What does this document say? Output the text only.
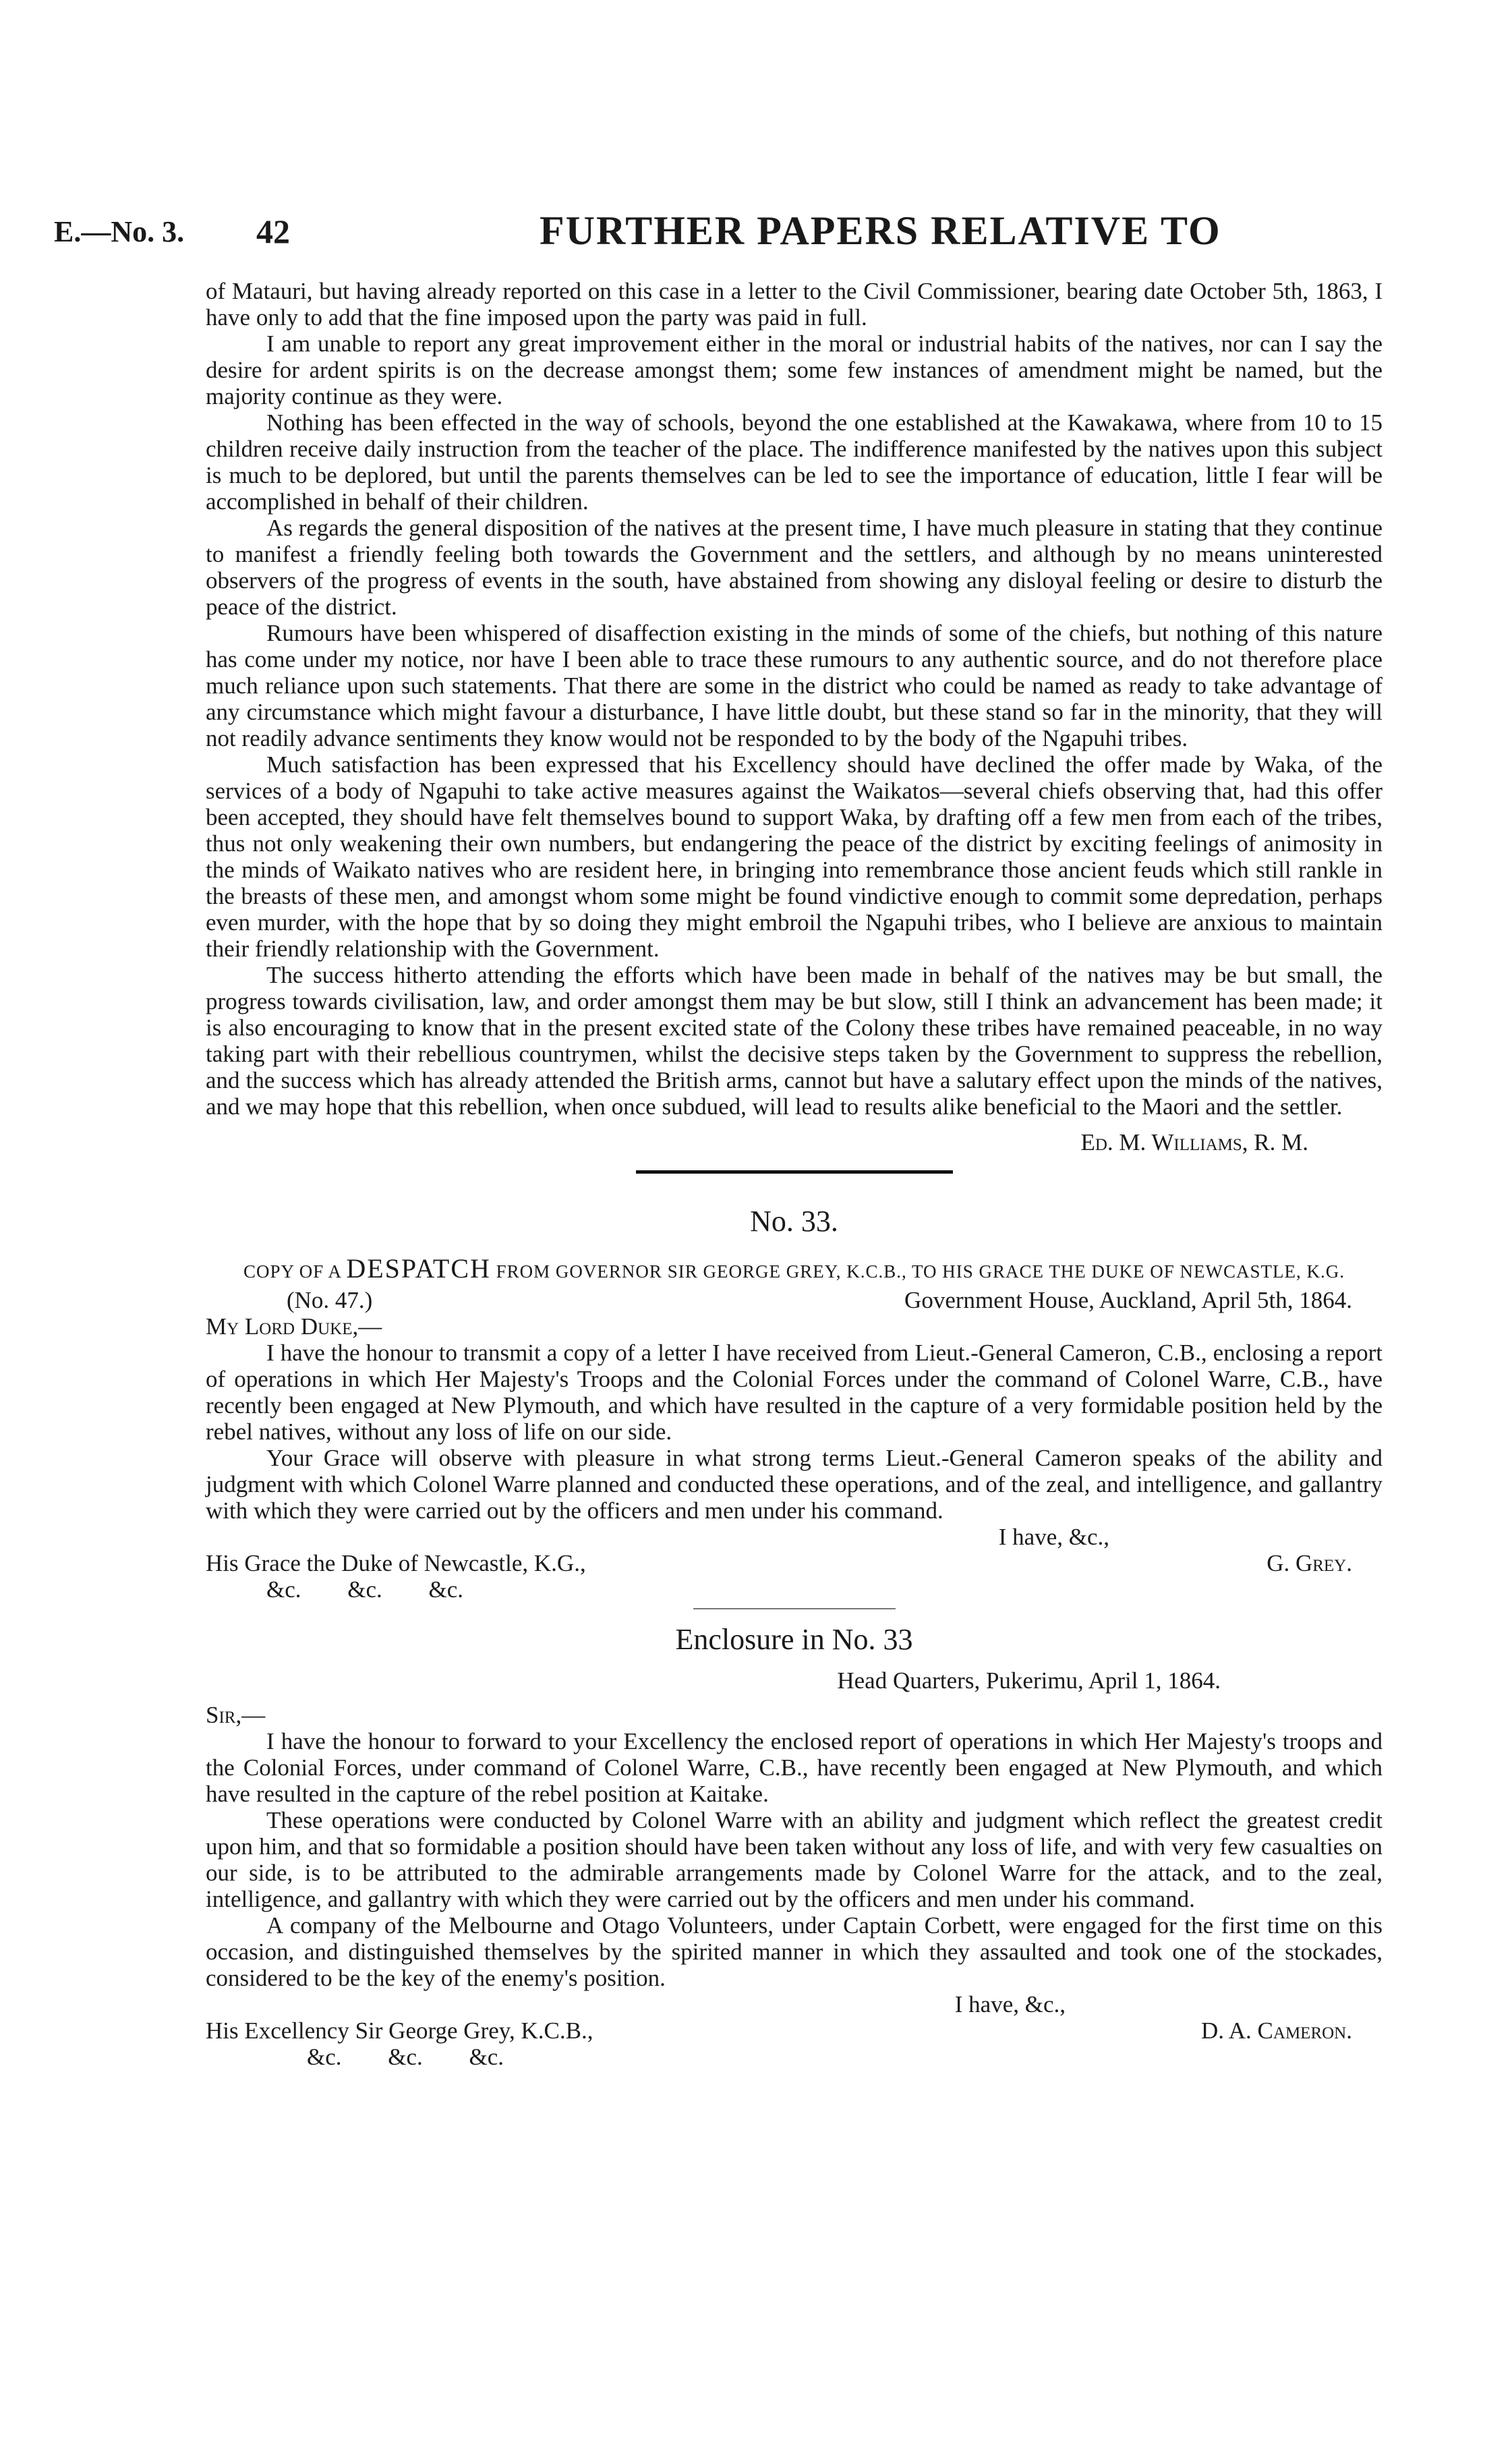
E.—No. 3. 42	FURTHER PAPERS RELATIVE TO

of Matauri, but having already reported on this case in a letter to the Civil Commissioner, bearing date October 5th, 1863, I have only to add that the fine imposed upon the party was paid in full.

I am unable to report any great improvement either in the moral or industrial habits of the natives, nor can I say the desire for ardent spirits is on the decrease amongst them; some few instances of amendment might be named, but the majority continue as they were.

Nothing has been effected in the way of schools, beyond the one established at the Kawakawa, where from 10 to 15 children receive daily instruction from the teacher of the place. The indifference manifested by the natives upon this subject is much to be deplored, but until the parents themselves can be led to see the importance of education, little I fear will be accomplished in behalf of their children.

As regards the general disposition of the natives at the present time, I have much pleasure in stating that they continue to manifest a friendly feeling both towards the Government and the settlers, and although by no means uninterested observers of the progress of events in the south, have abstained from showing any disloyal feeling or desire to disturb the peace of the district.

Rumours have been whispered of disaffection existing in the minds of some of the chiefs, but nothing of this nature has come under my notice, nor have I been able to trace these rumours to any authentic source, and do not therefore place much reliance upon such statements. That there are some in the district who could be named as ready to take advantage of any circumstance which might favour a disturbance, I have little doubt, but these stand so far in the minority, that they will not readily advance sentiments they know would not be responded to by the body of the Ngapuhi tribes.

Much satisfaction has been expressed that his Excellency should have declined the offer made by Waka, of the services of a body of Ngapuhi to take active measures against the Waikatos—several chiefs observing that, had this offer been accepted, they should have felt themselves bound to support Waka, by drafting off a few men from each of the tribes, thus not only weakening their own numbers, but endangering the peace of the district by exciting feelings of animosity in the minds of Waikato natives who are resident here, in bringing into remembrance those ancient feuds which still rankle in the breasts of these men, and amongst whom some might be found vindictive enough to commit some depredation, perhaps even murder, with the hope that by so doing they might embroil the Ngapuhi tribes, who I believe are anxious to maintain their friendly relationship with the Government.

The success hitherto attending the efforts which have been made in behalf of the natives may be but small, the progress towards civilisation, law, and order amongst them may be but slow, still I think an advancement has been made; it is also encouraging to know that in the present excited state of the Colony these tribes have remained peaceable, in no way taking part with their rebellious countrymen, whilst the decisive steps taken by the Government to suppress the rebellion, and the success which has already attended the British arms, cannot but have a salutary effect upon the minds of the natives, and we may hope that this rebellion, when once subdued, will lead to results alike beneficial to the Maori and the settler.

Ed. M. Williams, R. M.
No. 33.
COPY OF A DESPATCH FROM GOVERNOR SIR GEORGE GREY, K.C.B., TO HIS GRACE THE DUKE OF NEWCASTLE, K.G.
(No. 47.)	Government House, Auckland, April 5th, 1864.
My Lord Duke,—

I have the honour to transmit a copy of a letter I have received from Lieut.-General Cameron, C.B., enclosing a report of operations in which Her Majesty's Troops and the Colonial Forces under the command of Colonel Warre, C.B., have recently been engaged at New Plymouth, and which have resulted in the capture of a very formidable position held by the rebel natives, without any loss of life on our side.

Your Grace will observe with pleasure in what strong terms Lieut.-General Cameron speaks of the ability and judgment with which Colonel Warre planned and conducted these operations, and of the zeal, and intelligence, and gallantry with which they were carried out by the officers and men under his command.

I have, &c.,
His Grace the Duke of Newcastle, K.G.,	G. Grey.
&c. &c. &c.
Enclosure in No. 33
Head Quarters, Pukerimu, April 1, 1864.
Sir,—

I have the honour to forward to your Excellency the enclosed report of operations in which Her Majesty's troops and the Colonial Forces, under command of Colonel Warre, C.B., have recently been engaged at New Plymouth, and which have resulted in the capture of the rebel position at Kaitake.

These operations were conducted by Colonel Warre with an ability and judgment which reflect the greatest credit upon him, and that so formidable a position should have been taken without any loss of life, and with very few casualties on our side, is to be attributed to the admirable arrangements made by Colonel Warre for the attack, and to the zeal, intelligence, and gallantry with which they were carried out by the officers and men under his command.

A company of the Melbourne and Otago Volunteers, under Captain Corbett, were engaged for the first time on this occasion, and distinguished themselves by the spirited manner in which they assaulted and took one of the stockades, considered to be the key of the enemy's position.

I have, &c.,
His Excellency Sir George Grey, K.C.B.,	D. A. Cameron.
&c. &c. &c.
